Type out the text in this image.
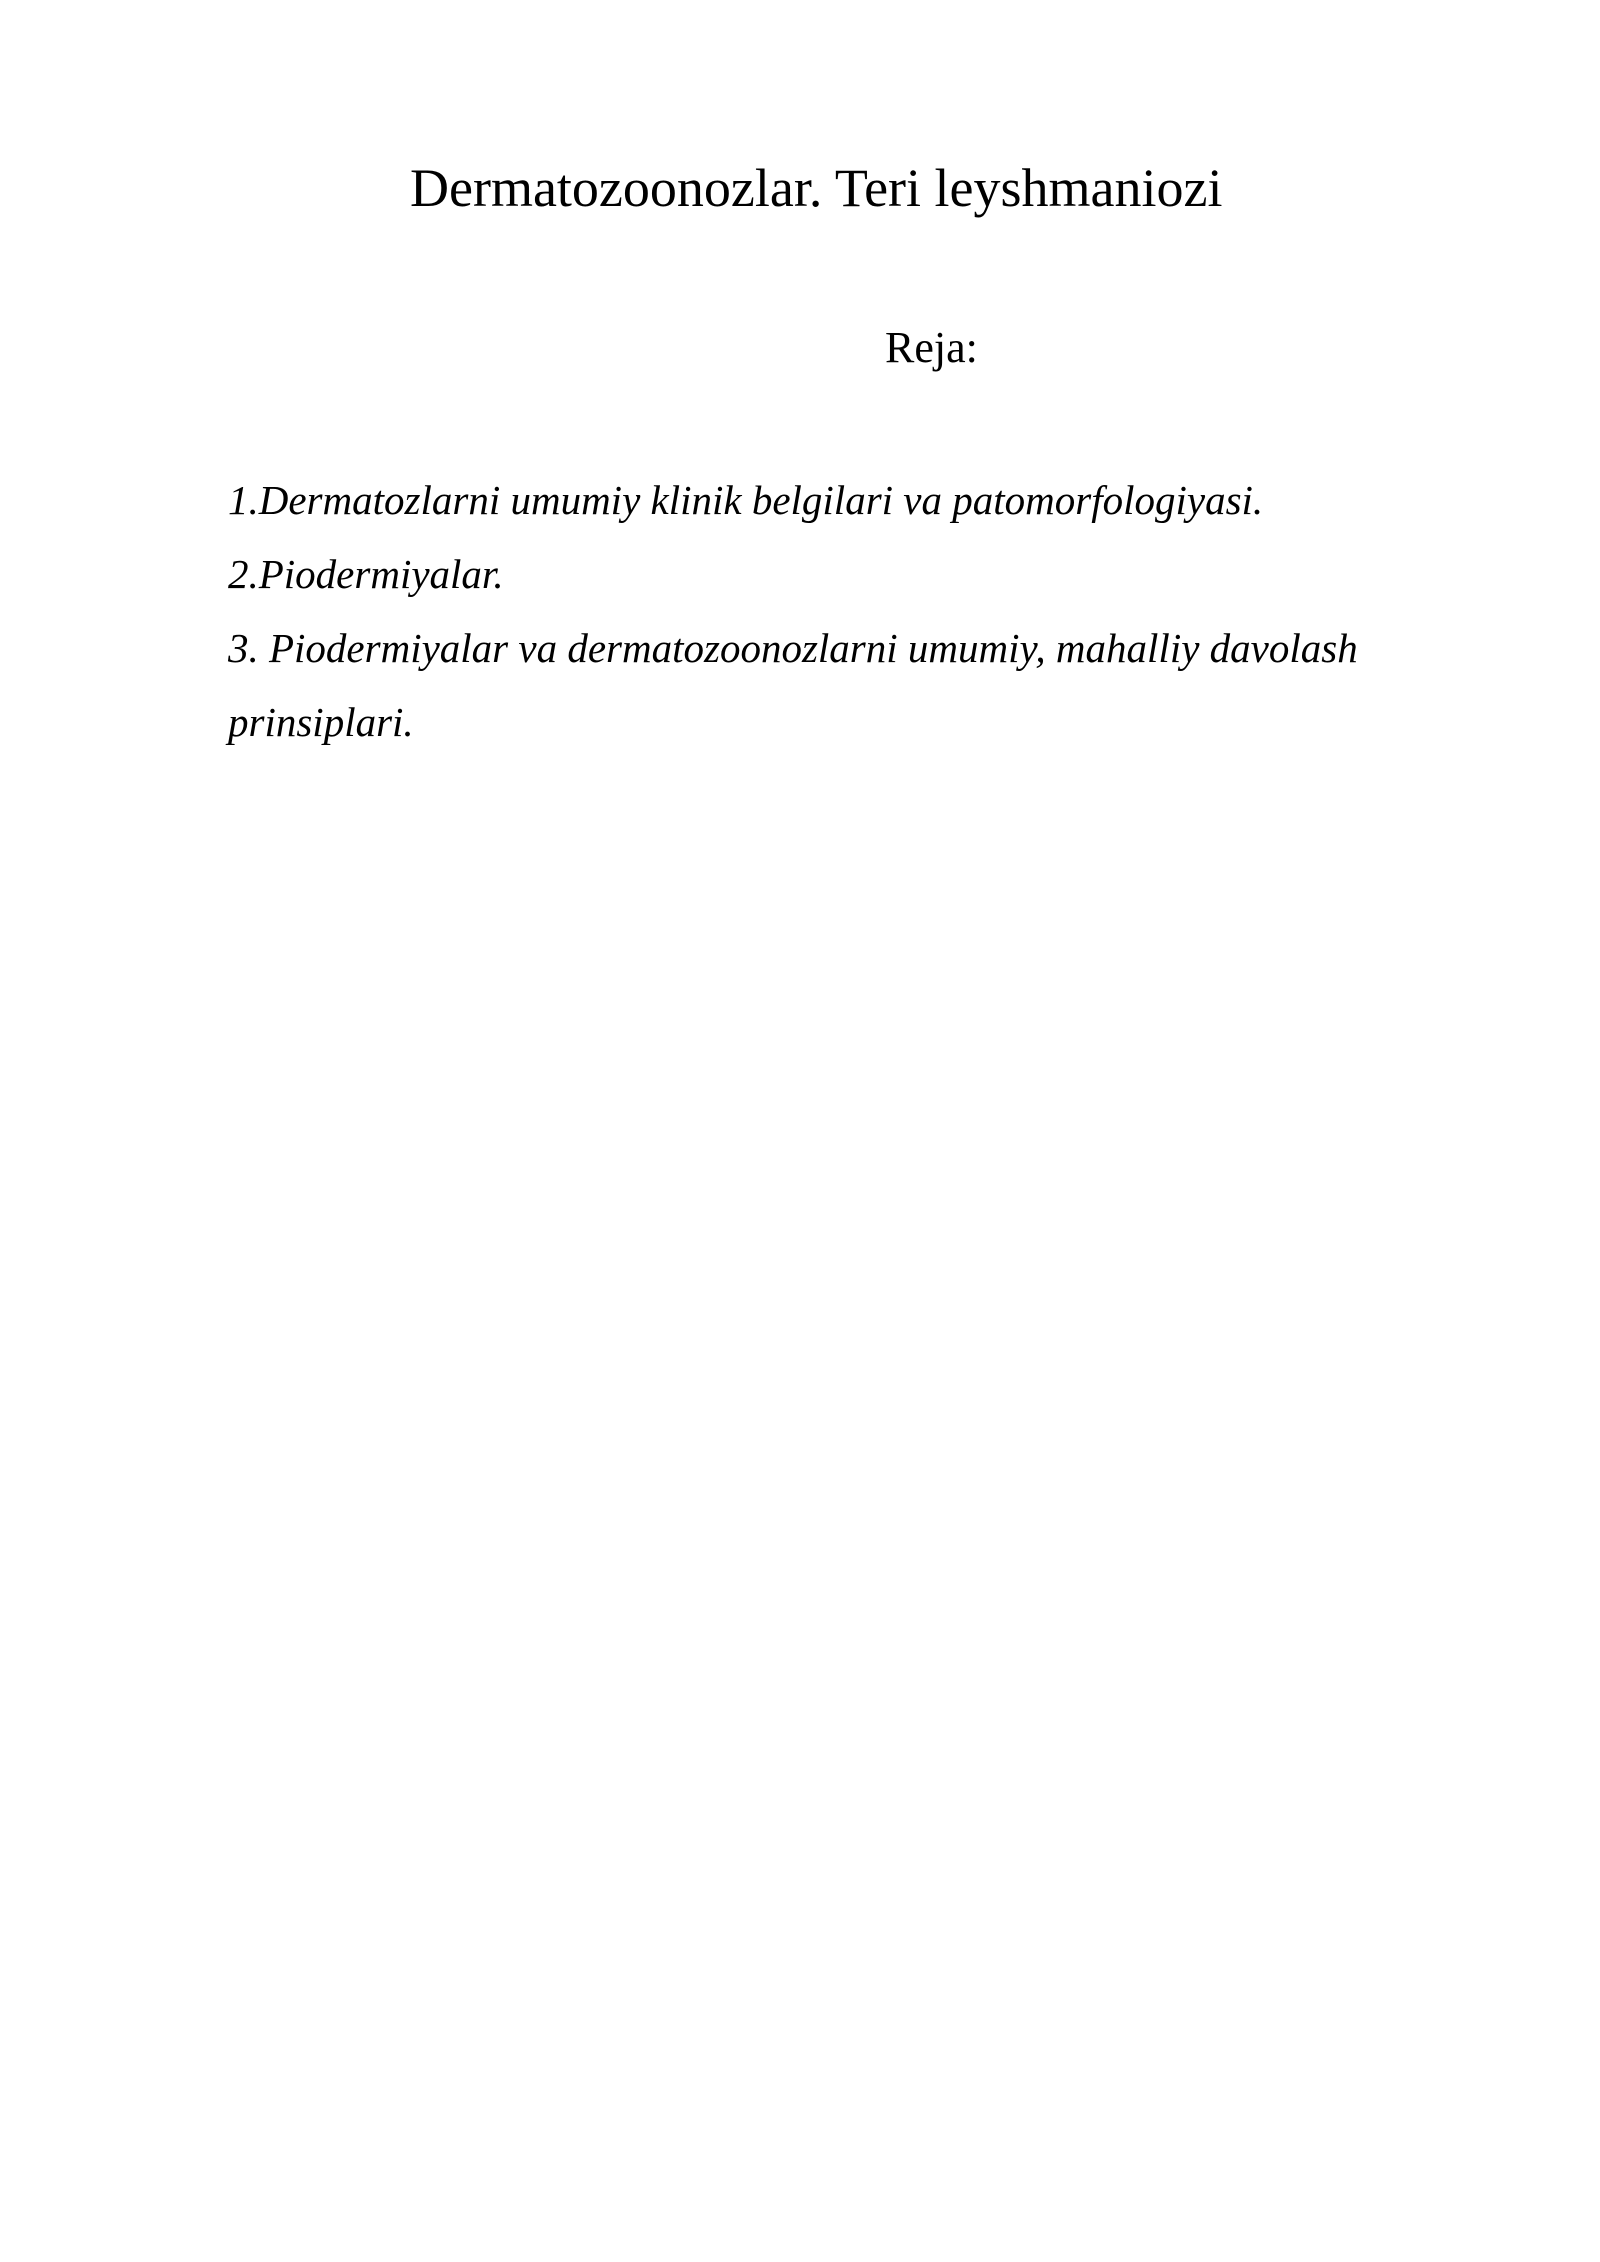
Dermatozoonozlar. Teri leyshmaniozi
Reja:
1.Dermatozlarni umumiy klinik belgilari va patomorfologiyasi.
2.Piodermiyalar.
3. Piodermiyalar va dermatozoonozlarni umumiy, mahalliy davolash prinsiplari.
